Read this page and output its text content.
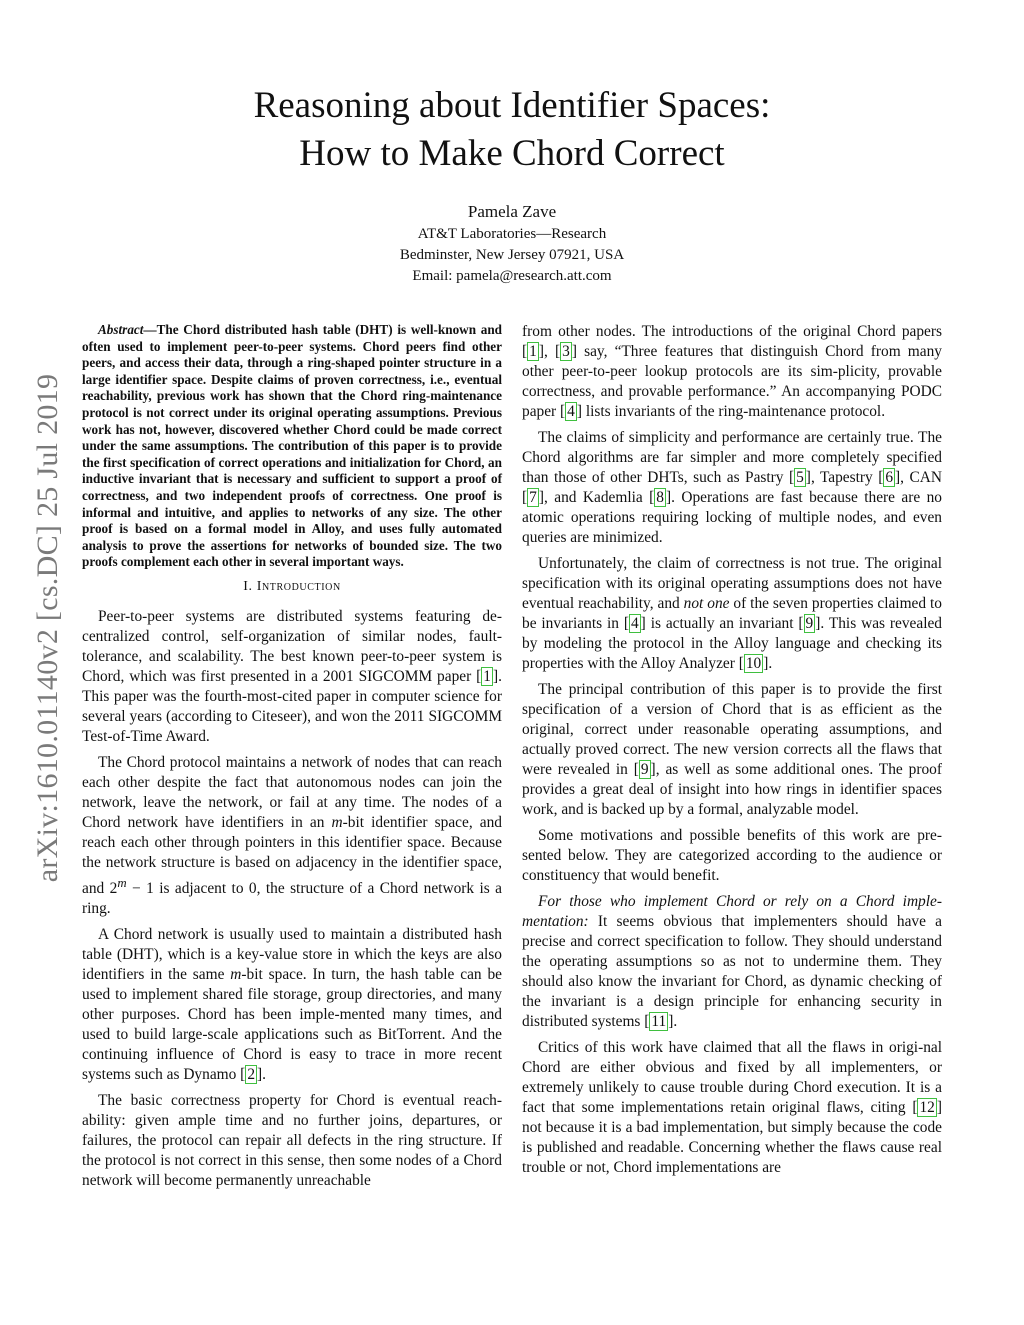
arXiv:1610.01140v2 [cs.DC] 25 Jul 2019
Reasoning about Identifier Spaces:
How to Make Chord Correct
Pamela Zave
AT&T Laboratories—Research
Bedminster, New Jersey 07921, USA
Email: pamela@research.att.com

Abstract—The Chord distributed hash table (DHT) is well-known and often used to implement peer-to-peer systems. Chord peers find other peers, and access their data, through a ring-shaped pointer structure in a large identifier space. Despite claims of proven correctness, i.e., eventual reachability, previous work has shown that the Chord ring-maintenance protocol is not correct under its original operating assumptions. Previous work has not, however, discovered whether Chord could be made correct under the same assumptions. The contribution of this paper is to provide the first specification of correct operations and initialization for Chord, an inductive invariant that is necessary and sufficient to support a proof of correctness, and two independent proofs of correctness. One proof is informal and intuitive, and applies to networks of any size. The other proof is based on a formal model in Alloy, and uses fully automated analysis to prove the assertions for networks of bounded size. The two proofs complement each other in several important ways.

I. Introduction

Peer-to-peer systems are distributed systems featuring de-centralized control, self-organization of similar nodes, fault-tolerance, and scalability. The best known peer-to-peer system is Chord, which was first presented in a 2001 SIGCOMM paper [ 1 ]. This paper was the fourth-most-cited paper in computer science for several years (according to Citeseer), and won the 2011 SIGCOMM Test-of-Time Award.

The Chord protocol maintains a network of nodes that can reach each other despite the fact that autonomous nodes can join the network, leave the network, or fail at any time. The nodes of a Chord network have identifiers in an m-bit identifier space, and reach each other through pointers in this identifier space. Because the network structure is based on adjacency in the identifier space, and $2^m - 1$ is adjacent to 0, the structure of a Chord network is a ring.

A Chord network is usually used to maintain a distributed hash table (DHT), which is a key-value store in which the keys are also identifiers in the same m-bit space. In turn, the hash table can be used to implement shared file storage, group directories, and many other purposes. Chord has been imple-mented many times, and used to build large-scale applications such as BitTorrent. And the continuing influence of Chord is easy to trace in more recent systems such as Dynamo [ 2 ].

The basic correctness property for Chord is eventual reach-ability: given ample time and no further joins, departures, or failures, the protocol can repair all defects in the ring structure. If the protocol is not correct in this sense, then some nodes of a Chord network will become permanently unreachable

from other nodes. The introductions of the original Chord papers [ 1 ], [ 3 ] say, “Three features that distinguish Chord from many other peer-to-peer lookup protocols are its sim-plicity, provable correctness, and provable performance.” An accompanying PODC paper [ 4 ] lists invariants of the ring-maintenance protocol.

The claims of simplicity and performance are certainly true. The Chord algorithms are far simpler and more completely specified than those of other DHTs, such as Pastry [ 5 ], Tapestry [ 6 ], CAN [ 7 ], and Kademlia [ 8 ]. Operations are fast because there are no atomic operations requiring locking of multiple nodes, and even queries are minimized.

Unfortunately, the claim of correctness is not true. The original specification with its original operating assumptions does not have eventual reachability, and not one of the seven properties claimed to be invariants in [ 4 ] is actually an invariant [ 9 ]. This was revealed by modeling the protocol in the Alloy language and checking its properties with the Alloy Analyzer [ 10 ].

The principal contribution of this paper is to provide the first specification of a version of Chord that is as efficient as the original, correct under reasonable operating assumptions, and actually proved correct. The new version corrects all the flaws that were revealed in [ 9 ], as well as some additional ones. The proof provides a great deal of insight into how rings in identifier spaces work, and is backed up by a formal, analyzable model.

Some motivations and possible benefits of this work are pre-sented below. They are categorized according to the audience or constituency that would benefit.

For those who implement Chord or rely on a Chord imple-mentation: It seems obvious that implementers should have a precise and correct specification to follow. They should understand the operating assumptions so as not to undermine them. They should also know the invariant for Chord, as dynamic checking of the invariant is a design principle for enhancing security in distributed systems [ 11 ].

Critics of this work have claimed that all the flaws in origi-nal Chord are either obvious and fixed by all implementers, or extremely unlikely to cause trouble during Chord execution. It is a fact that some implementations retain original flaws, citing [ 12 ] not because it is a bad implementation, but simply because the code is published and readable. Concerning whether the flaws cause real trouble or not, Chord implementations are
